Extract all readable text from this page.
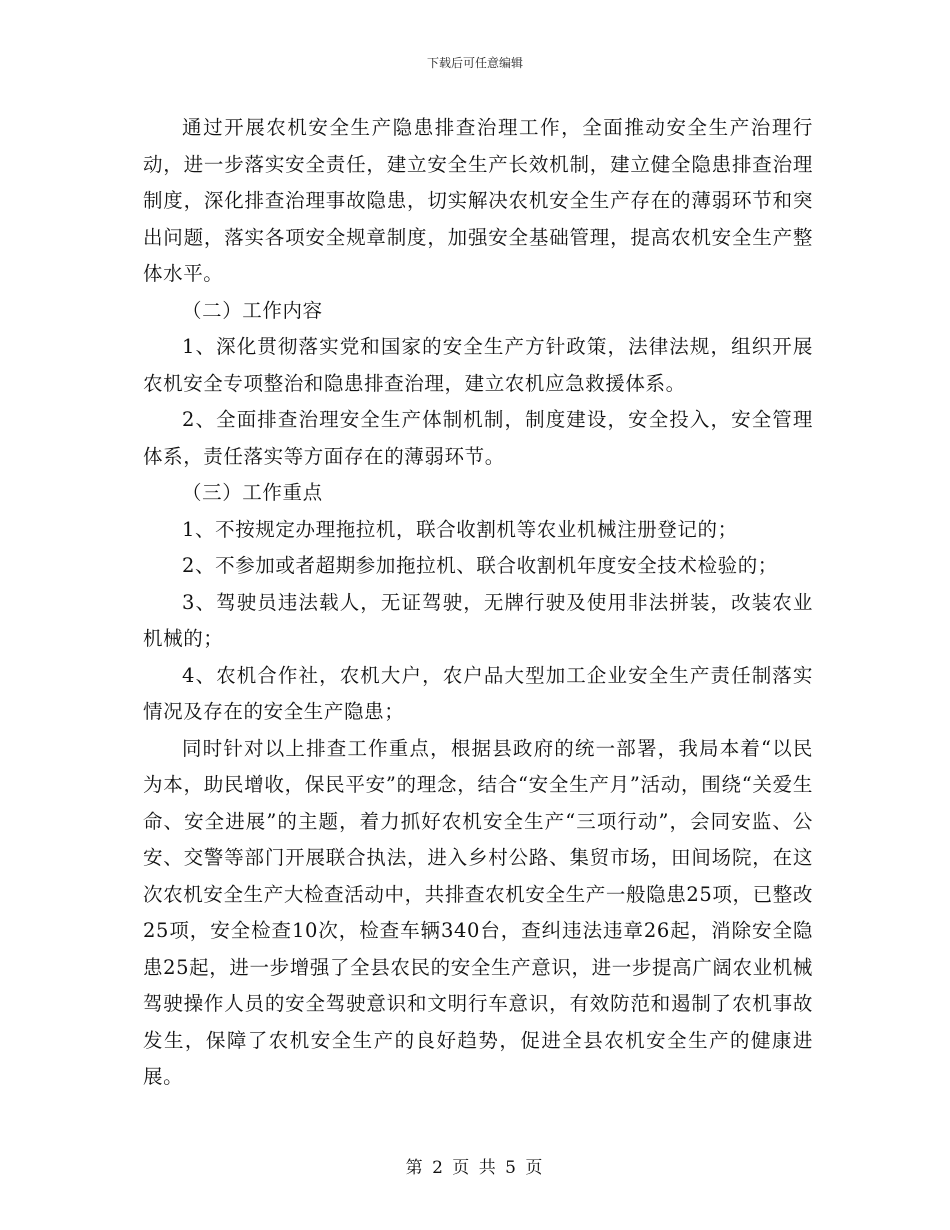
下载后可任意编辑

通过开展农机安全生产隐患排查治理工作，全面推动安全生产治理行动，进一步落实安全责任，建立安全生产长效机制，建立健全隐患排查治理制度，深化排查治理事故隐患，切实解决农机安全生产存在的薄弱环节和突出问题，落实各项安全规章制度，加强安全基础管理，提高农机安全生产整体水平。

（二）工作内容

1、深化贯彻落实党和国家的安全生产方针政策，法律法规，组织开展农机安全专项整治和隐患排查治理，建立农机应急救援体系。

2、全面排查治理安全生产体制机制，制度建设，安全投入，安全管理体系，责任落实等方面存在的薄弱环节。

（三）工作重点

1、不按规定办理拖拉机，联合收割机等农业机械注册登记的；

2、不参加或者超期参加拖拉机、联合收割机年度安全技术检验的；

3、驾驶员违法载人，无证驾驶，无牌行驶及使用非法拼装，改装农业机械的；

4、农机合作社，农机大户，农户品大型加工企业安全生产责任制落实情况及存在的安全生产隐患；

同时针对以上排查工作重点，根据县政府的统一部署，我局本着“以民为本，助民增收，保民平安”的理念，结合“安全生产月”活动，围绕“关爱生命、安全进展”的主题，着力抓好农机安全生产“三项行动”，会同安监、公安、交警等部门开展联合执法，进入乡村公路、集贸市场，田间场院，在这次农机安全生产大检查活动中，共排查农机安全生产一般隐患25项，已整改25项，安全检查10次，检查车辆340台，查纠违法违章26起，消除安全隐患25起，进一步增强了全县农民的安全生产意识，进一步提高广阔农业机械驾驶操作人员的安全驾驶意识和文明行车意识，有效防范和遏制了农机事故发生，保障了农机安全生产的良好趋势，促进全县农机安全生产的健康进展。

第 2 页 共 5 页
